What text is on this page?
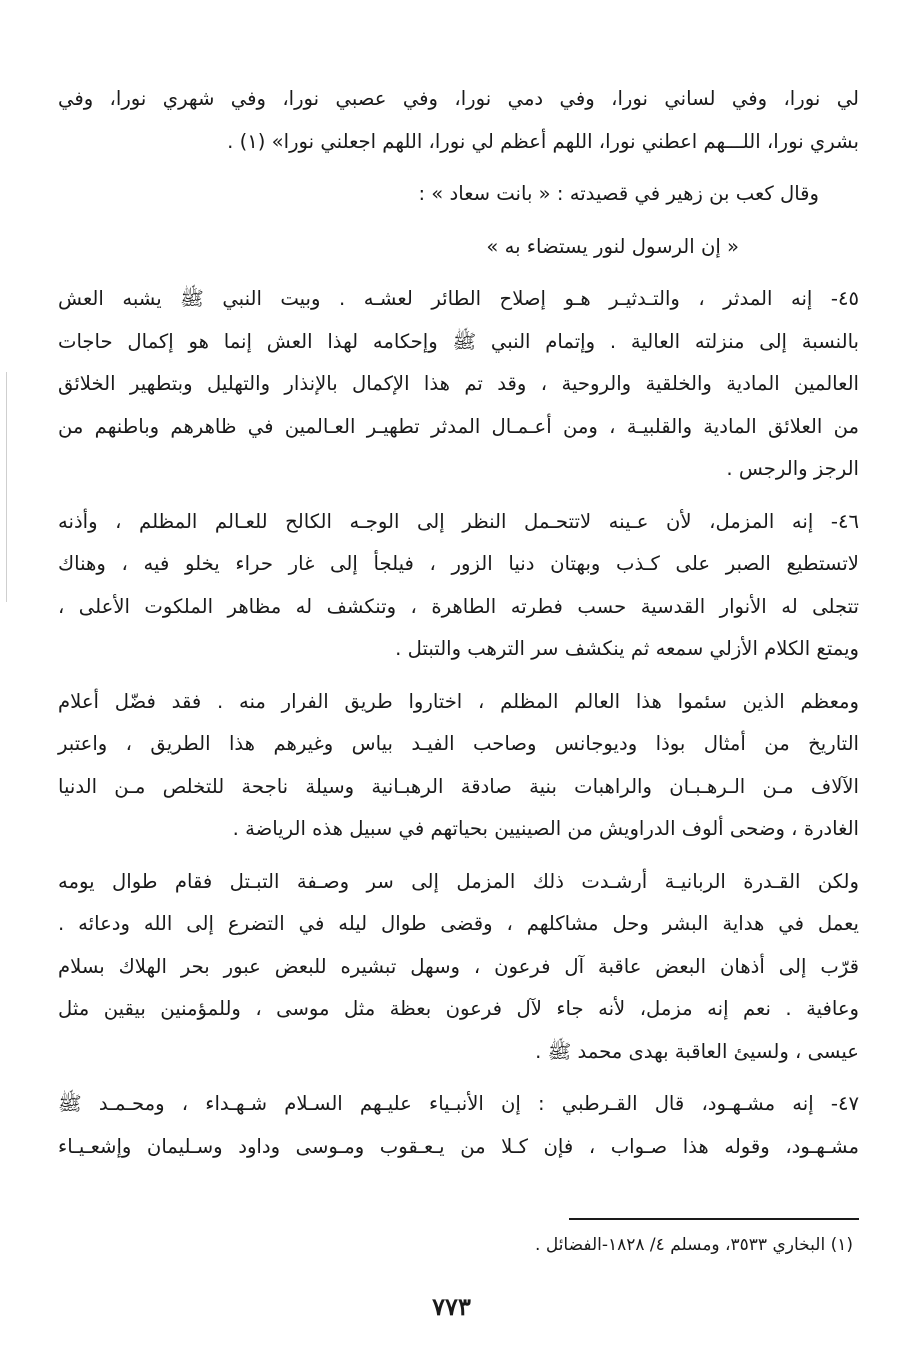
لي نورا، وفي لساني نورا، وفي دمي نورا، وفي عصبي نورا، وفي شهري نورا، وفي
بشري نورا، اللـــهم اعطني نورا، اللهم أعظم لي نورا، اللهم اجعلني نورا» (١) .

وقال كعب بن زهير في قصيدته : « بانت سعاد » :

« إن الرسول لنور يستضاء به »

٤٥- إنه المدثر ، والتـدثيـر هـو إصلاح الطائر لعشـه . وبيت النبي ﷺ يشبه العش
بالنسبة إلى منزلته العالية . وإتمام النبي ﷺ وإحكامه لهذا العش إنما هو إكمال حاجات
العالمين المادية والخلقية والروحية ، وقد تم هذا الإكمال بالإنذار والتهليل وبتطهير الخلائق
من العلائق المادية والقلبيـة ، ومن أعـمـال المدثر تطهيـر العـالمين في ظاهرهم وباطنهم من
الرجز والرجس .

٤٦- إنه المزمل، لأن عـينه لاتتحـمل النظر إلى الوجـه الكالح للعـالم المظلم ، وأذنه
لاتستطيع الصبر على كـذب وبهتان دنيا الزور ، فيلجأ إلى غار حراء يخلو فيه ، وهناك
تتجلى له الأنوار القدسية حسب فطرته الطاهرة ، وتنكشف له مظاهر الملكوت الأعلى ،
ويمتع الكلام الأزلي سمعه ثم ينكشف سر الترهب والتبتل .

ومعظم الذين سئموا هذا العالم المظلم ، اختاروا طريق الفرار منه . فقد فضّل أعلام
التاريخ من أمثال بوذا وديوجانس وصاحب الفيـد بياس وغيرهم هذا الطريق ، واعتبر
الآلاف مـن الـرهـبـان والراهبات بنية صادقة الرهبـانية وسيلة ناجحة للتخلص مـن الدنيا
الغادرة ، وضحى ألوف الدراويش من الصينيين بحياتهم في سبيل هذه الرياضة .

ولكن القـدرة الربانيـة أرشـدت ذلك المزمل إلى سر وصـفة التبـتل فقام طوال يومه
يعمل في هداية البشر وحل مشاكلهم ، وقضى طوال ليله في التضرع إلى الله ودعائه .
قرّب إلى أذهان البعض عاقبة آل فرعون ، وسهل تبشيره للبعض عبور بحر الهلاك بسلام
وعافية . نعم إنه مزمل، لأنه جاء لآل فرعون بعظة مثل موسى ، وللمؤمنين بيقين مثل
عيسى ، ولسيئ العاقبة بهدى محمد ﷺ .

٤٧- إنه مشـهـود، قال القـرطبي : إن الأنبـياء عليـهم السـلام شـهـداء ، ومحـمـد ﷺ
مشـهـود، وقوله هذا صـواب ، فإن كـلا من يـعـقوب ومـوسى وداود وسـليمان وإشعـيـاء

(١) البخاري ٣٥٣٣، ومسلم ٤/ ١٨٢٨-الفضائل .
٧٧٣
